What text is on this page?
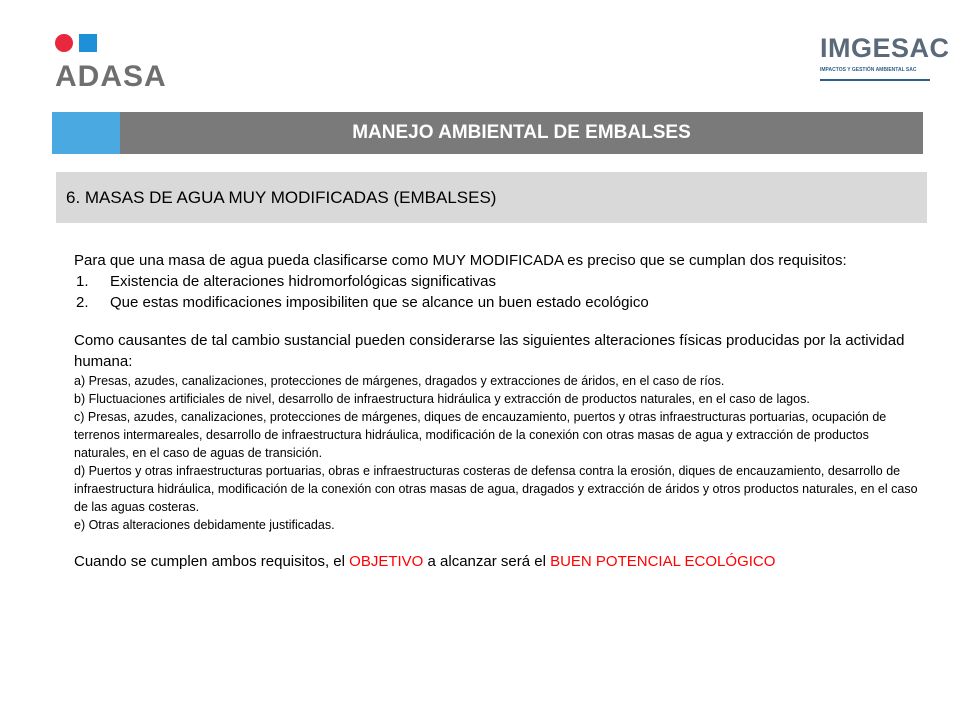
ADASA
IMGESAC
IMPACTOS Y GESTIÓN AMBIENTAL SAC
MANEJO AMBIENTAL DE EMBALSES
6. MASAS DE AGUA MUY MODIFICADAS (EMBALSES)

Para que una masa de agua pueda clasificarse como MUY MODIFICADA es preciso que se cumplan dos requisitos:

1. Existencia de alteraciones hidromorfológicas significativas
2. Que estas modificaciones imposibiliten que se alcance un buen estado ecológico

Como causantes de tal cambio sustancial pueden considerarse las siguientes alteraciones físicas producidas por la actividad humana:

a) Presas, azudes, canalizaciones, protecciones de márgenes, dragados y extracciones de áridos, en el caso de ríos.

b) Fluctuaciones artificiales de nivel, desarrollo de infraestructura hidráulica y extracción de productos naturales, en el caso de lagos.

c) Presas, azudes, canalizaciones, protecciones de márgenes, diques de encauzamiento, puertos y otras infraestructuras portuarias, ocupación de terrenos intermareales, desarrollo de infraestructura hidráulica, modificación de la conexión con otras masas de agua y extracción de productos naturales, en el caso de aguas de transición.

d) Puertos y otras infraestructuras portuarias, obras e infraestructuras costeras de defensa contra la erosión, diques de encauzamiento, desarrollo de infraestructura hidráulica, modificación de la conexión con otras masas de agua, dragados y extracción de áridos y otros productos naturales, en el caso de las aguas costeras.

e) Otras alteraciones debidamente justificadas.

Cuando se cumplen ambos requisitos, el OBJETIVO a alcanzar será el BUEN POTENCIAL ECOLÓGICO
